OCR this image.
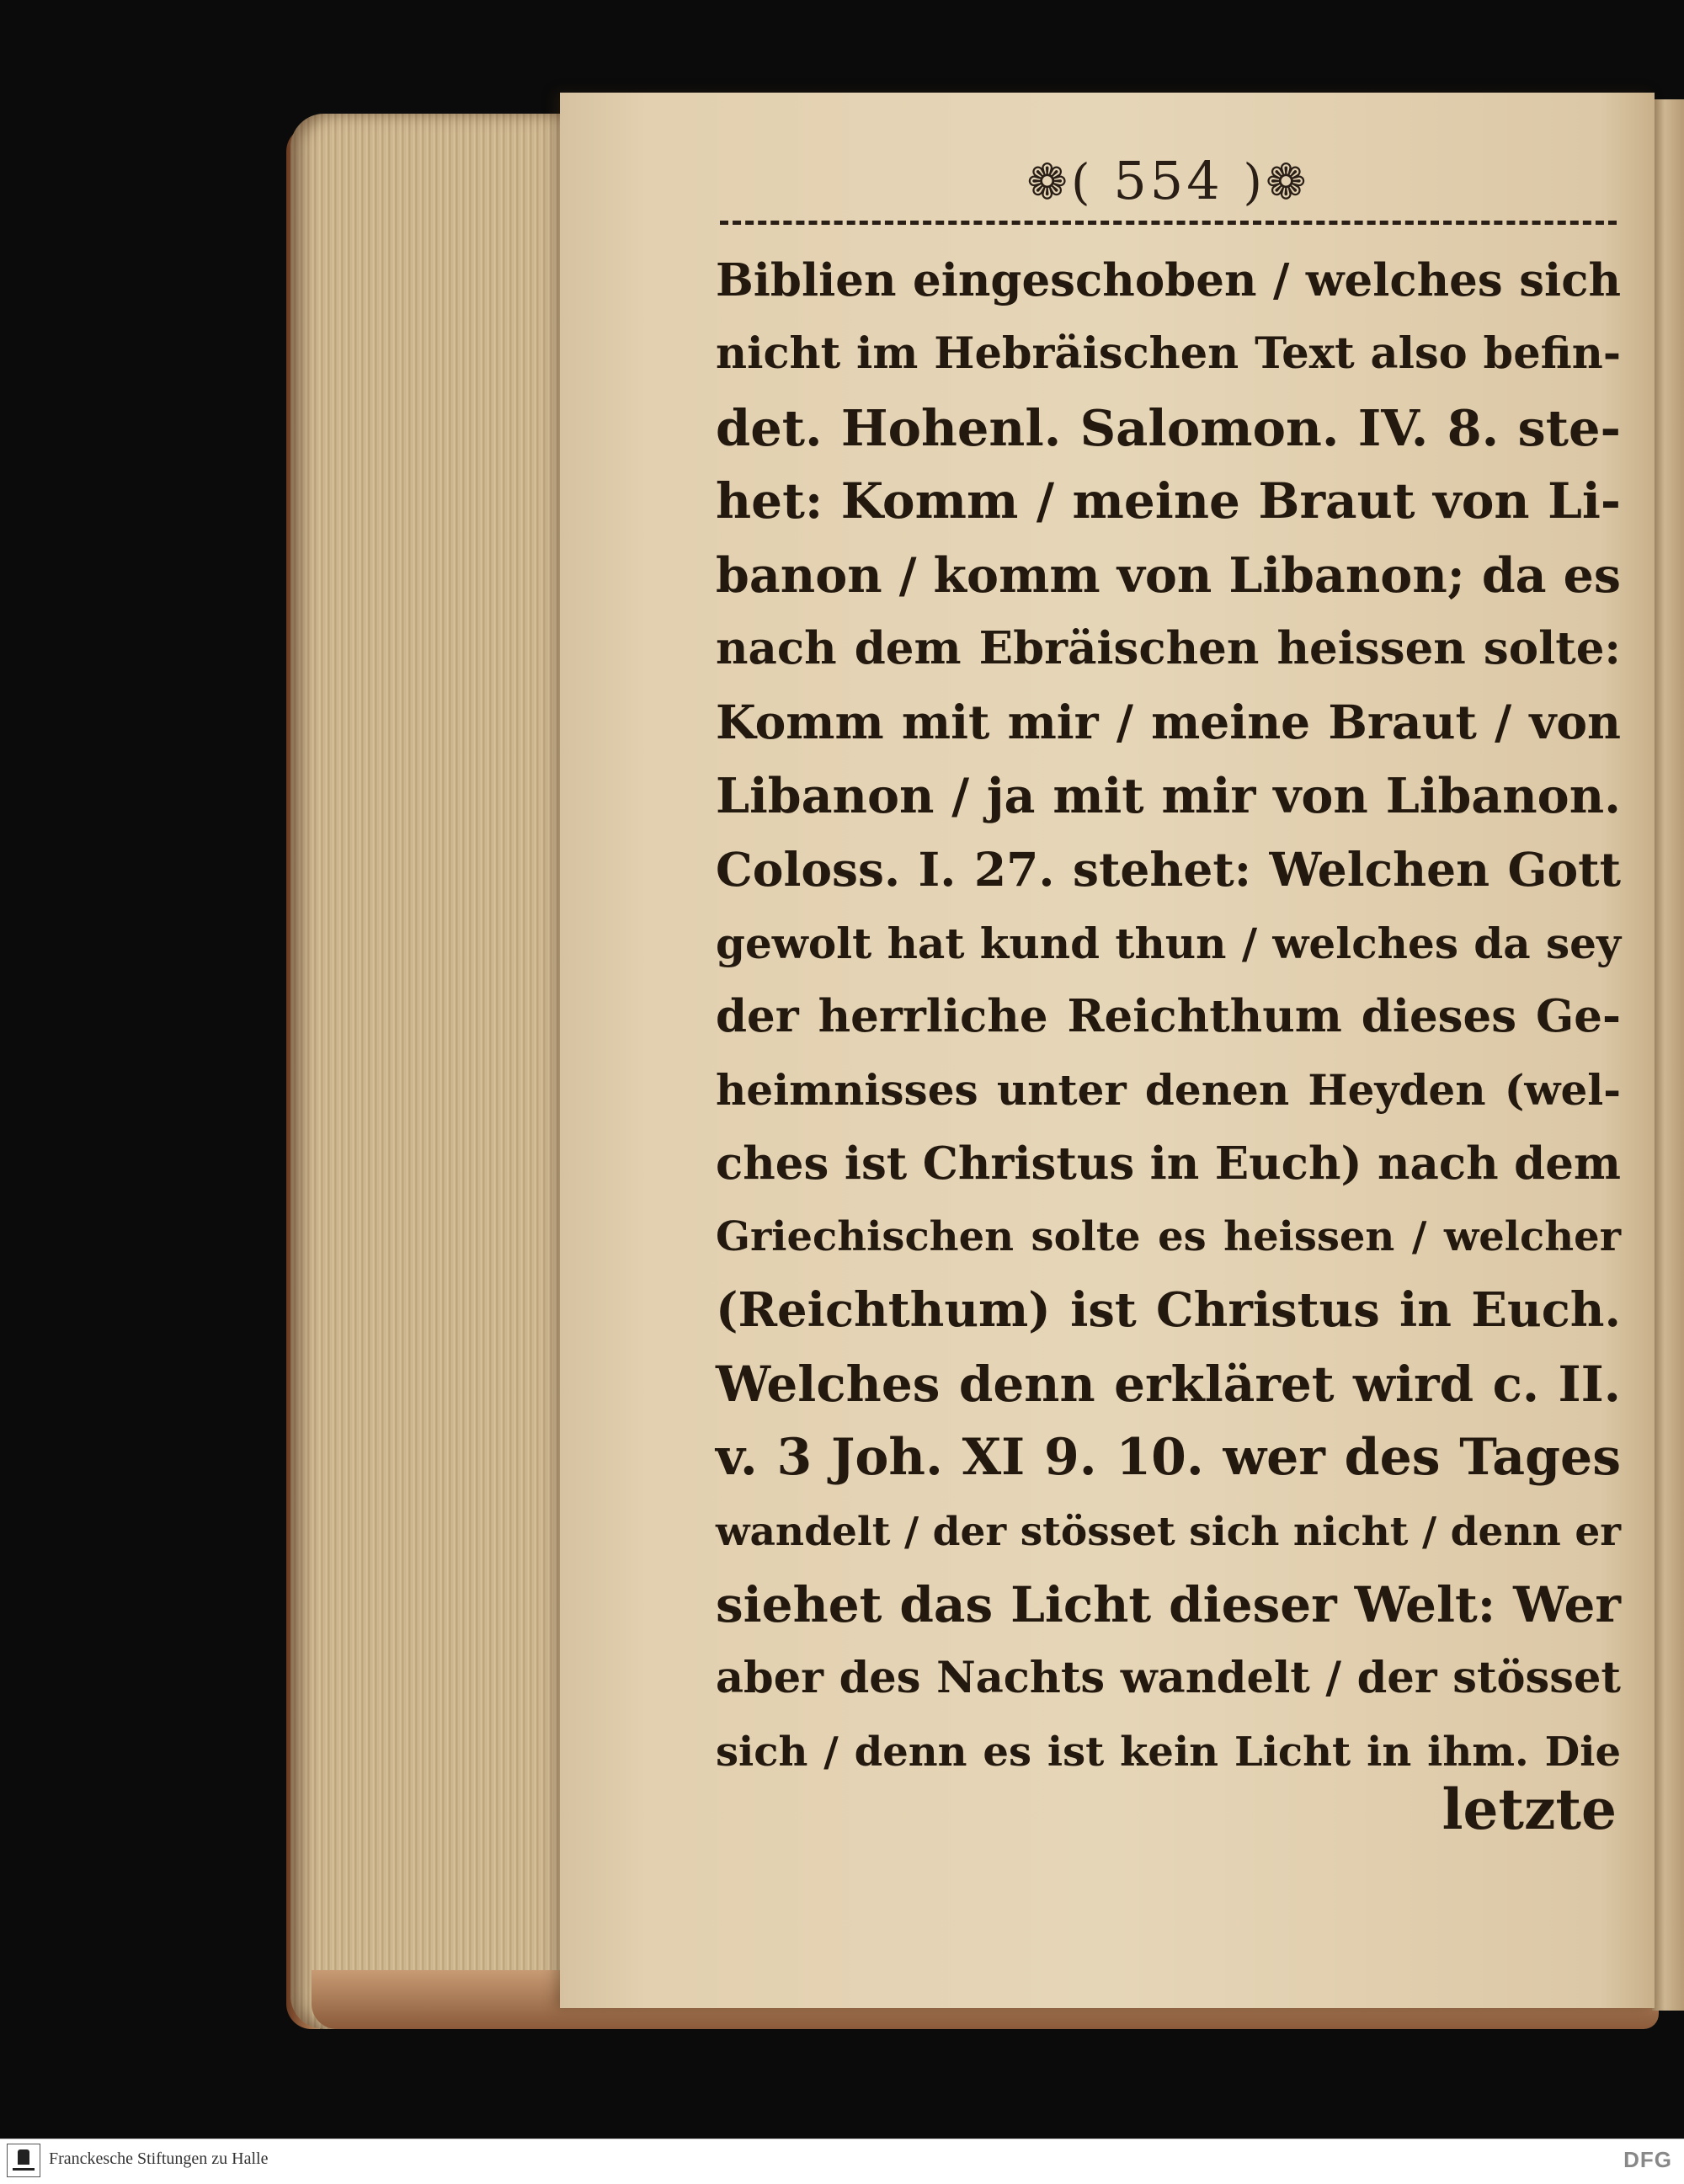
❁( 554 )❁
Biblien eingeschoben / welches sich
nicht im Hebräischen Text also befin-
det. Hohenl. Salomon. IV. 8. ste-
het: Komm / meine Braut von Li-
banon / komm von Libanon; da es
nach dem Ebräischen heissen solte:
Komm mit mir / meine Braut / von
Libanon / ja mit mir von Libanon.
Coloss. I. 27. stehet: Welchen Gott
gewolt hat kund thun / welches da sey
der herrliche Reichthum dieses Ge-
heimnisses unter denen Heyden (wel-
ches ist Christus in Euch) nach dem
Griechischen solte es heissen / welcher
(Reichthum) ist Christus in Euch.
Welches denn erkläret wird c. II.
v. 3 Joh. XI 9. 10. wer des Tages
wandelt / der stösset sich nicht / denn er
siehet das Licht dieser Welt: Wer
aber des Nachts wandelt / der stösset
sich / denn es ist kein Licht in ihm. Die
letzte
Franckesche Stiftungen zu Halle	DFG
